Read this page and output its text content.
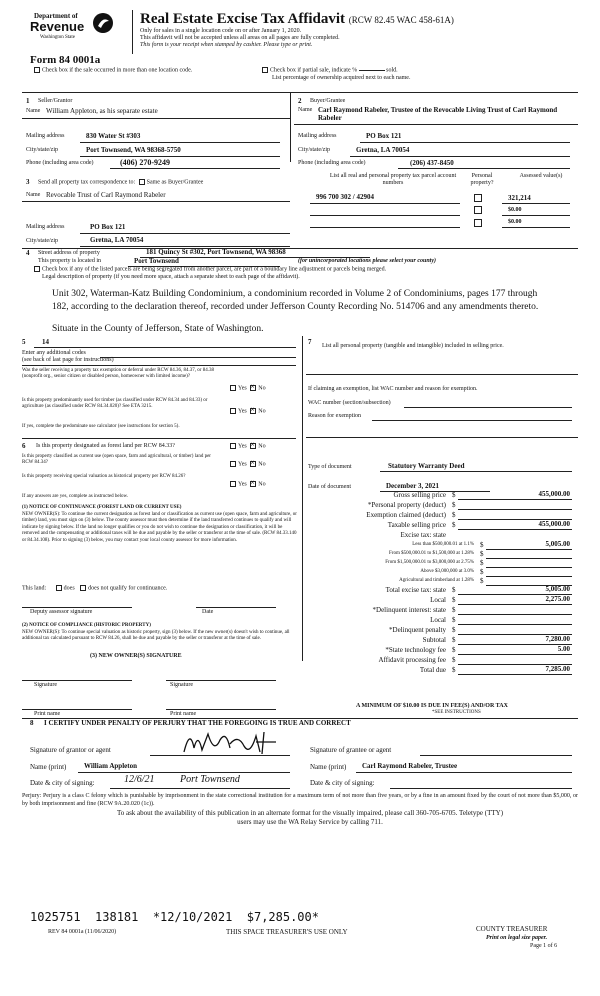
Department of
Revenue
Washington State
Real Estate Excise Tax Affidavit (RCW 82.45 WAC 458-61A)
Only for sales in a single location code on or after January 1, 2020.
This affidavit will not be accepted unless all areas on all pages are fully completed.
This form is your receipt when stamped by cashier. Please type or print.
Form 84 0001a
Check box if the sale occurred in more than one location code.	Check box if partial sale, indicate %	sold.
List percentage of ownership acquired next to each name.
1 Seller/Grantor
Name William Appleton, as his separate estate
Mailing address	830 Water St #303
City/state/zip	Port Townsend, WA 98368-5750
Phone (including area code)	(406) 270-9249
2 Buyer/Grantee
Name Carl Raymond Rabeler, Trustee of the Revocable Living Trust of Carl Raymond Rabeler
Mailing address	PO Box 121
City/state/zip	Gretna, LA 70054
Phone (including area code)	(206) 437-8450
3 Send all property tax correspondence to: Same as Buyer/Grantee
Name Revocable Trust of Carl Raymond Rabeler
Mailing address	PO Box 121
City/state/zip	Gretna, LA 70054
List all real and personal property tax parcel account numbers
Personal property?
Assessed value(s)
996 700 302 / 42904	321,214
$0.00
$0.00
4 Street address of property	181 Quincy St #302, Port Townsend, WA 98368
This property is located in	Port Townsend	(for unincorporated locations please select your county)
Check box if any of the listed parcels are being segregated from another parcel, are part of a boundary line adjustment or parcels being merged.
Legal description of property (if you need more space, attach a separate sheet to each page of the affidavit).
Unit 302, Waterman-Katz Building Condominium, a condominium recorded in Volume 2 of Condominiums, pages 177 through
182, according to the declaration thereof, recorded under Jefferson County Recording No. 514706 and any amendments thereto.
Situate in the County of Jefferson, State of Washington.
5 14
Enter any additional codes
(see back of last page for instructions)
Was the seller receiving a property tax exemption or deferral under RCW 84.36, 84.37, or 84.38 (nonprofit org., senior citizen or disabled person, homeowner with limited income)?
Yes × No
Is this property predominantly used for timber (as classified under RCW 84.34 and 84.33) or agriculture (as classified under RCW 84.34.020)? See ETA 3215.
Yes × No
If yes, complete the predominate use calculator (see instructions for section 5).
7	List all personal property (tangible and intangible) included in selling price.
If claiming an exemption, list WAC number and reason for exemption.
WAC number (section/subsection)
Reason for exemption
6 Is this property designated as forest land per RCW 84.33?	Yes × No
Is this property classified as current use (open space, farm and agricultural, or timber) land per RCW 84.34?	Yes × No
Is this property receiving special valuation as historical property per RCW 84.26?
Yes × No
If any answers are yes, complete as instructed below.
(1) NOTICE OF CONTINUANCE (FOREST LAND OR CURRENT USE)
NEW OWNER(S): To continue the current designation as forest land or classification as current use (open space, farm and agriculture, or timber) land, you must sign on (3) below. The county assessor must then determine if the land transferred continues to qualify and will indicate by signing below. If the land no longer qualifies or you do not wish to continue the designation or classification, it will be removed and the compensating or additional taxes will be due and payable by the seller or transferor at the time of sale. (RCW 84.33.140 or 84.34.108). Prior to signing (3) below, you may contact your local county assessor for more information.
This land:	does does not qualify for continuance.
Deputy assessor signature	Date
(2) NOTICE OF COMPLIANCE (HISTORIC PROPERTY)
NEW OWNER(S): To continue special valuation as historic property, sign (3) below. If the new owner(s) doesn't wish to continue, all additional tax calculated pursuant to RCW 84.26, shall be due and payable by the seller or transferor at the time of sale.
(3) NEW OWNER(S) SIGNATURE
Signature	Signature
Print name	Print name
Type of document	Statutory Warranty Deed
Date of document	December 3, 2021
Gross selling price $	455,000.00
*Personal property (deduct) $
Exemption claimed (deduct) $
Taxable selling price $	455,000.00
Excise tax: state
Less than $500,000.01 at 1.1% $	5,005.00
From $500,000.01 to $1,500,000 at 1.28% $
From $1,500,000.01 to $3,000,000 at 2.75% $
Above $3,000,000 at 3.0% $
Agricultural and timberland at 1.28% $
Total excise tax: state $	5,005.00
Local $	2,275.00
*Delinquent interest: state $
Local $
*Delinquent penalty $
Subtotal $	7,280.00
*State technology fee $	5.00
Affidavit processing fee $
Total due $	7,285.00
A MINIMUM OF $10.00 IS DUE IN FEE(S) AND/OR TAX
*SEE INSTRUCTIONS
8 I CERTIFY UNDER PENALTY OF PERJURY THAT THE FOREGOING IS TRUE AND CORRECT
Signature of grantor or agent
Name (print)	William Appleton
Date & city of signing:	12/6/21	Port Townsend
Signature of grantee or agent
Name (print) Carl Raymond Rabeler, Trustee
Date & city of signing:
Perjury: Perjury is a class C felony which is punishable by imprisonment in the state correctional institution for a maximum term of not more than five years, or by a fine in an amount fixed by the court of not more than $5,000, or by both imprisonment and fine (RCW 9A.20.020 (1c)).
To ask about the availability of this publication in an alternate format for the visually impaired, please call 360-705-6705. Teletype (TTY) users may use the WA Relay Service by calling 711.
1025751  138181  *12/10/2021  $7,285.00*
REV 84 0001a (11/06/2020)	THIS SPACE TREASURER'S USE ONLY	COUNTY TREASURER
Print on legal size paper.
Page 1 of 6
